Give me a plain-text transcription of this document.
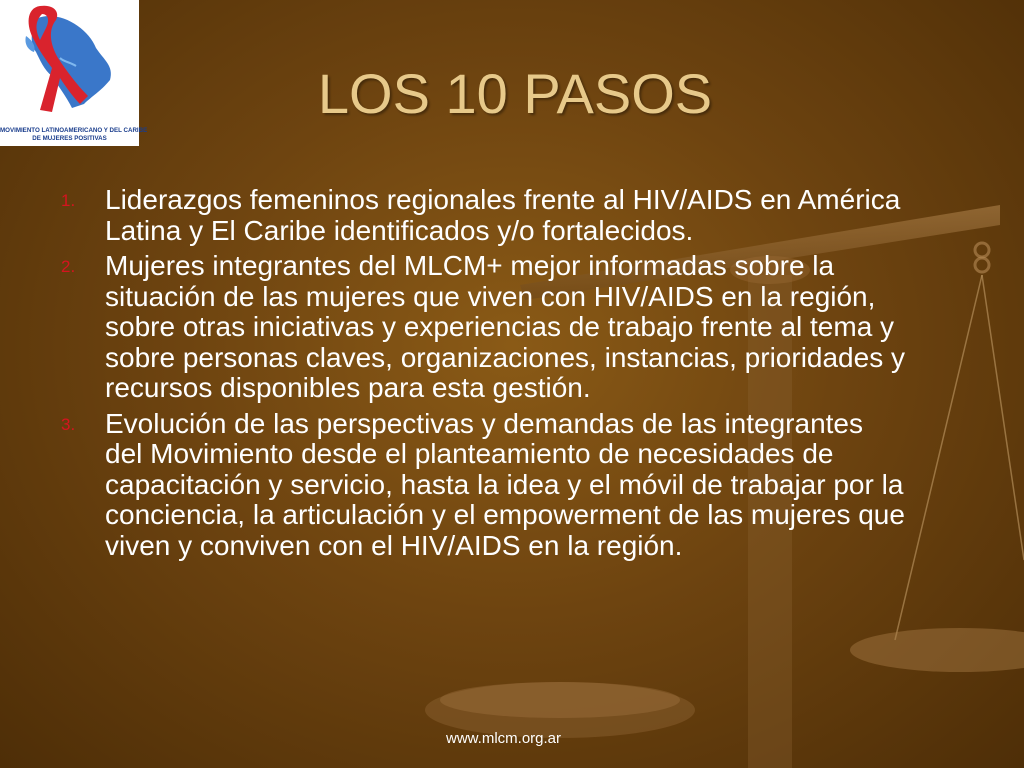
MOVIMIENTO LATINOAMERICANO Y DEL CARIBE
DE MUJERES POSITIVAS
LOS 10 PASOS
1. Liderazgos femeninos regionales frente al HIV/AIDS en América Latina y El Caribe identificados y/o fortalecidos.
2. Mujeres integrantes del MLCM+ mejor informadas sobre la situación de las mujeres que viven con HIV/AIDS en la región, sobre otras iniciativas y experiencias de trabajo frente al tema y sobre personas claves, organizaciones, instancias, prioridades y recursos disponibles para esta gestión.
3. Evolución de las perspectivas y demandas de las integrantes del Movimiento desde el planteamiento de necesidades de capacitación y servicio, hasta la idea y el móvil de trabajar por la conciencia, la articulación y el empowerment de las mujeres que viven y conviven con el HIV/AIDS en la región.
www.mlcm.org.ar
